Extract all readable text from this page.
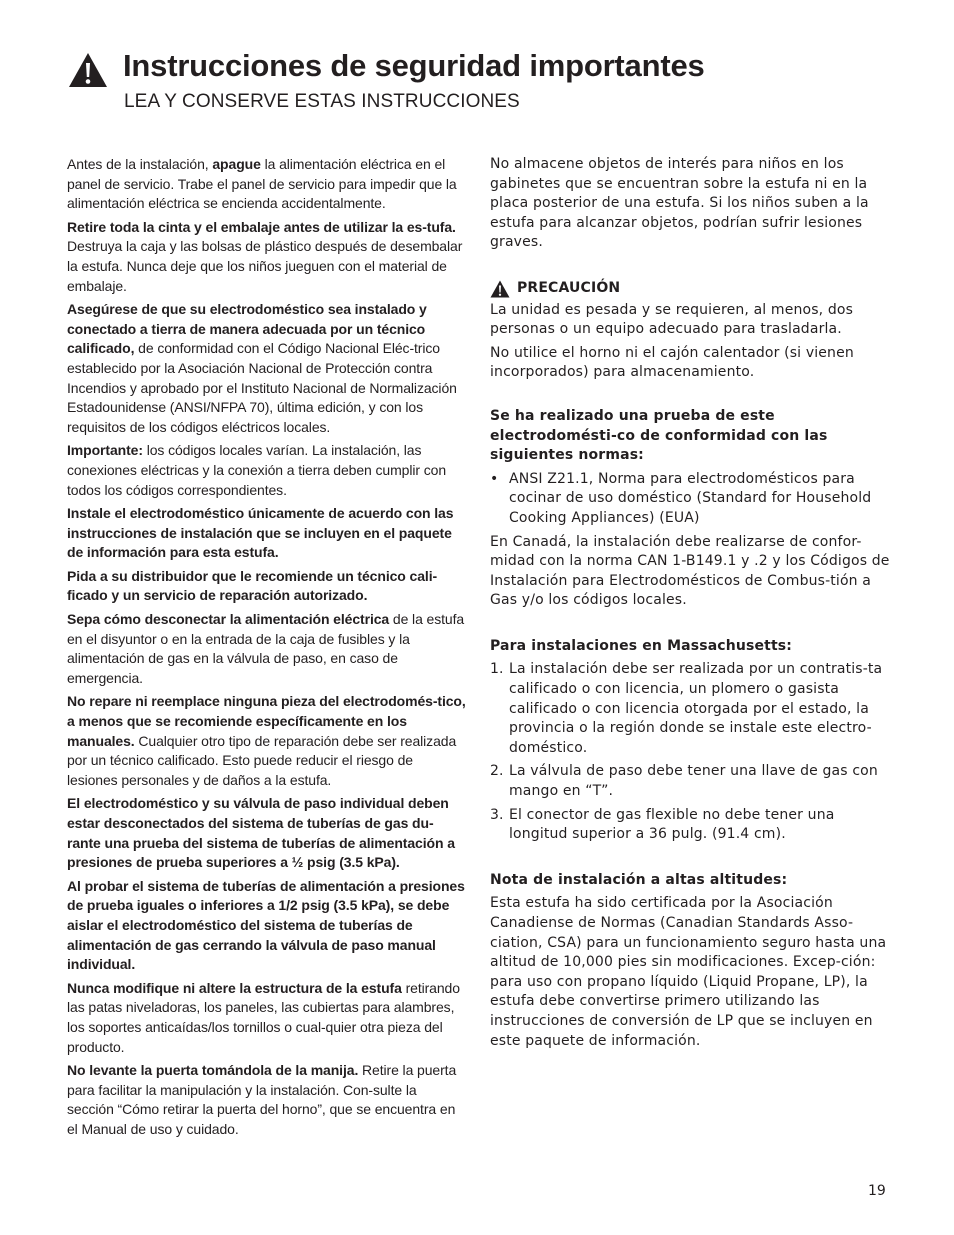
Instrucciones de seguridad importantes
LEA Y CONSERVE ESTAS INSTRUCCIONES

Antes de la instalación, apague la alimentación eléctrica en el panel de servicio. Trabe el panel de servicio para impedir que la alimentación eléctrica se encienda accidentalmente.

Retire toda la cinta y el embalaje antes de utilizar la es-tufa. Destruya la caja y las bolsas de plástico después de desembalar la estufa. Nunca deje que los niños jueguen con el material de embalaje.

Asegúrese de que su electrodoméstico sea instalado y conectado a tierra de manera adecuada por un técnico calificado, de conformidad con el Código Nacional Eléc-trico establecido por la Asociación Nacional de Protección contra Incendios y aprobado por el Instituto Nacional de Normalización Estadounidense (ANSI/NFPA 70), última edición, y con los requisitos de los códigos eléctricos locales.

Importante: los códigos locales varían. La instalación, las conexiones eléctricas y la conexión a tierra deben cumplir con todos los códigos correspondientes.

Instale el electrodoméstico únicamente de acuerdo con las instrucciones de instalación que se incluyen en el paquete de información para esta estufa.

Pida a su distribuidor que le recomiende un técnico cali-ficado y un servicio de reparación autorizado.

Sepa cómo desconectar la alimentación eléctrica de la estufa en el disyuntor o en la entrada de la caja de fusibles y la alimentación de gas en la válvula de paso, en caso de emergencia.

No repare ni reemplace ninguna pieza del electrodomés-tico, a menos que se recomiende específicamente en los manuales. Cualquier otro tipo de reparación debe ser realizada por un técnico calificado. Esto puede reducir el riesgo de lesiones personales y de daños a la estufa.

El electrodoméstico y su válvula de paso individual deben estar desconectados del sistema de tuberías de gas du-rante una prueba del sistema de tuberías de alimentación a presiones de prueba superiores a ½ psig (3.5 kPa).

Al probar el sistema de tuberías de alimentación a presiones de prueba iguales o inferiores a 1/2 psig (3.5 kPa), se debe aislar el electrodoméstico del sistema de tuberías de alimentación de gas cerrando la válvula de paso manual individual.

Nunca modifique ni altere la estructura de la estufa retirando las patas niveladoras, los paneles, las cubiertas para alambres, los soportes anticaídas/los tornillos o cual-quier otra pieza del producto.

No levante la puerta tomándola de la manija. Retire la puerta para facilitar la manipulación y la instalación. Con-sulte la sección “Cómo retirar la puerta del horno”, que se encuentra en el Manual de uso y cuidado.

No almacene objetos de interés para niños en los gabinetes que se encuentran sobre la estufa ni en la placa posterior de una estufa. Si los niños suben a la estufa para alcanzar objetos, podrían sufrir lesiones graves.

PRECAUCIÓN

La unidad es pesada y se requieren, al menos, dos personas o un equipo adecuado para trasladarla.

No utilice el horno ni el cajón calentador (si vienen incorporados) para almacenamiento.

Se ha realizado una prueba de este electrodomésti-co de conformidad con las siguientes normas:

• ANSI Z21.1, Norma para electrodomésticos para cocinar de uso doméstico (Standard for Household Cooking Appliances) (EUA)

En Canadá, la instalación debe realizarse de confor-midad con la norma CAN 1-B149.1 y .2 y los Códigos de Instalación para Electrodomésticos de Combus-tión a Gas y/o los códigos locales.

Para instalaciones en Massachusetts:

1. La instalación debe ser realizada por un contratis-ta calificado o con licencia, un plomero o gasista calificado o con licencia otorgada por el estado, la provincia o la región donde se instale este electro-doméstico.
2. La válvula de paso debe tener una llave de gas con mango en “T”.
3. El conector de gas flexible no debe tener una longitud superior a 36 pulg. (91.4 cm).

Nota de instalación a altas altitudes:

Esta estufa ha sido certificada por la Asociación Canadiense de Normas (Canadian Standards Asso-ciation, CSA) para un funcionamiento seguro hasta una altitud de 10,000 pies sin modificaciones. Excep-ción: para uso con propano líquido (Liquid Propane, LP), la estufa debe convertirse primero utilizando las instrucciones de conversión de LP que se incluyen en este paquete de información.

19
